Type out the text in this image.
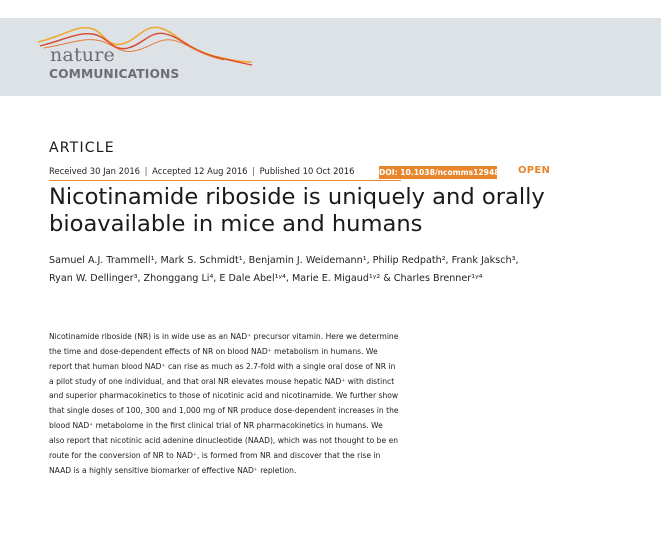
nature
COMMUNICATIONS
ARTICLE
Received 30 Jan 2016 | Accepted 12 Aug 2016 | Published 10 Oct 2016	DOI: 10.1038/ncomms12948 OPEN
Nicotinamide riboside is uniquely and orally
bioavailable in mice and humans
Samuel A.J. Trammell¹, Mark S. Schmidt¹, Benjamin J. Weidemann¹, Philip Redpath², Frank Jaksch³,
Ryan W. Dellinger³, Zhonggang Li⁴, E Dale Abel¹ʸ⁴, Marie E. Migaud¹ʸ² & Charles Brenner¹ʸ⁴
Nicotinamide riboside (NR) is in wide use as an NAD⁺ precursor vitamin. Here we determine
the time and dose-dependent effects of NR on blood NAD⁺ metabolism in humans. We
report that human blood NAD⁺ can rise as much as 2.7-fold with a single oral dose of NR in
a pilot study of one individual, and that oral NR elevates mouse hepatic NAD⁺ with distinct
and superior pharmacokinetics to those of nicotinic acid and nicotinamide. We further show
that single doses of 100, 300 and 1,000 mg of NR produce dose-dependent increases in the
blood NAD⁺ metabolome in the first clinical trial of NR pharmacokinetics in humans. We
also report that nicotinic acid adenine dinucleotide (NAAD), which was not thought to be en
route for the conversion of NR to NAD⁺, is formed from NR and discover that the rise in
NAAD is a highly sensitive biomarker of effective NAD⁺ repletion.
